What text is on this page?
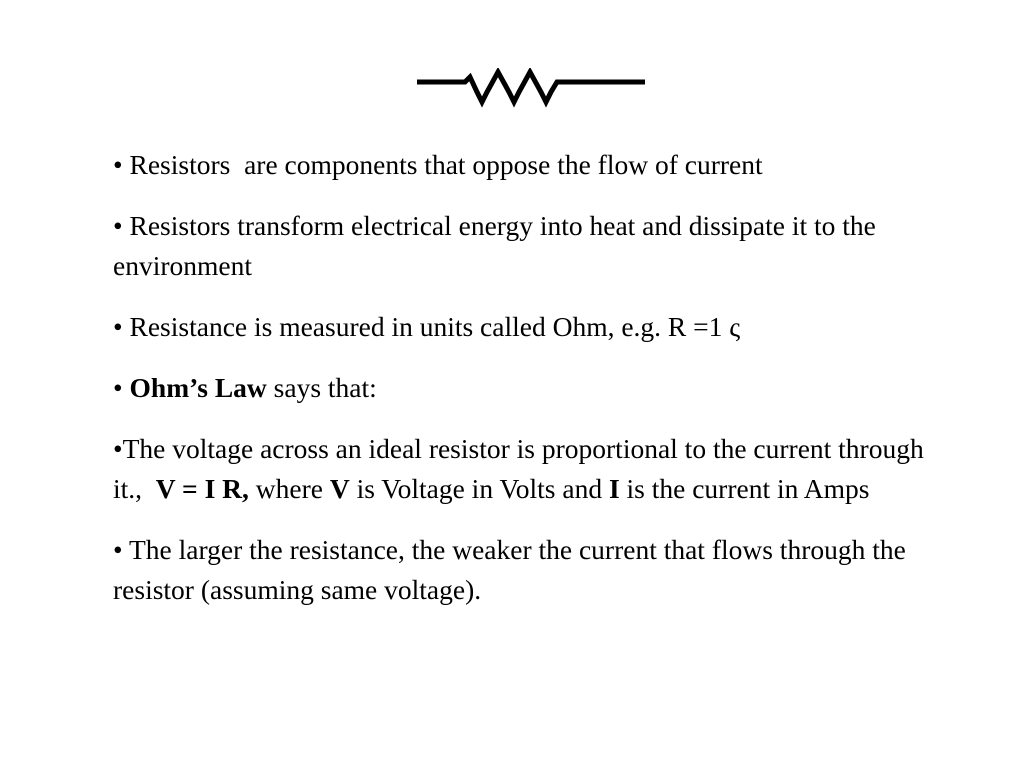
• Resistors  are components that oppose the flow of current

• Resistors transform electrical energy into heat and dissipate it to the environment

• Resistance is measured in units called Ohm, e.g. R =1 ς

• Ohm’s Law says that:

•The voltage across an ideal resistor is proportional to the current through it.,  V = I R, where V is Voltage in Volts and I is the current in Amps

• The larger the resistance, the weaker the current that flows through the resistor (assuming same voltage).
